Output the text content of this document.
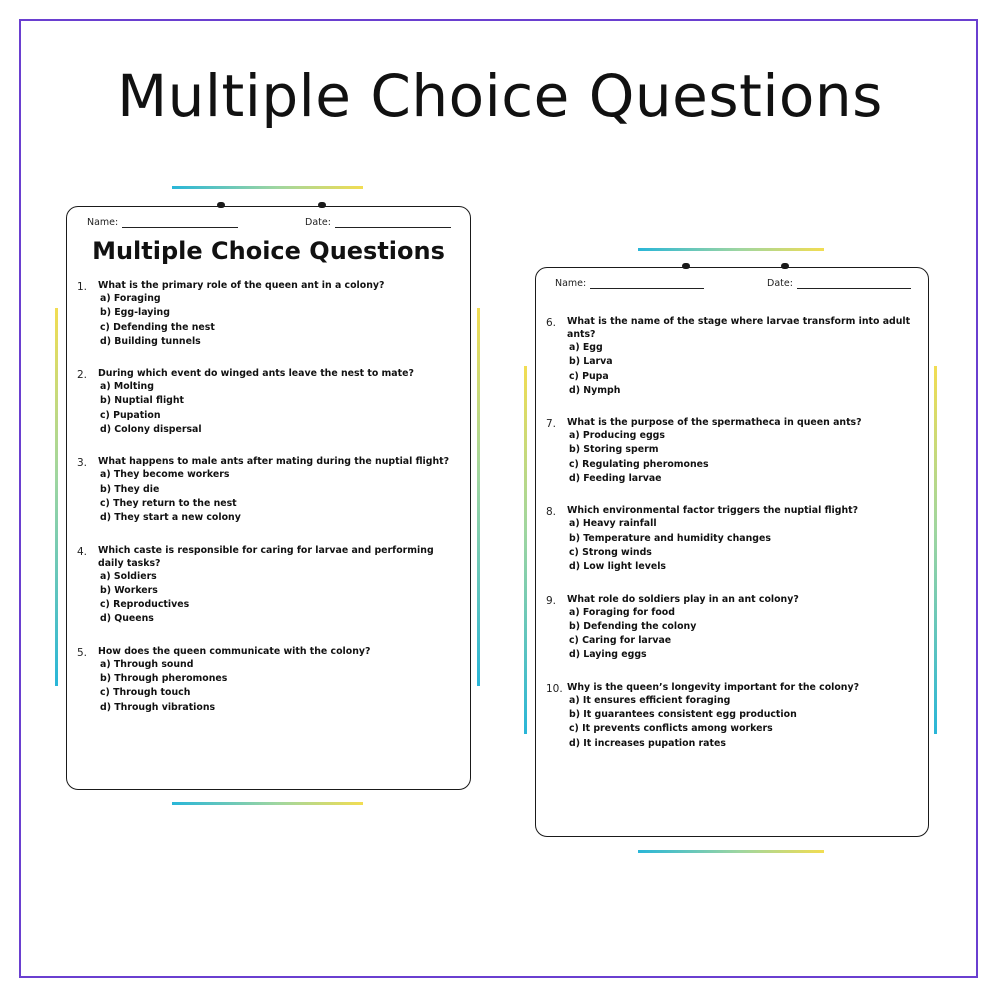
Multiple Choice Questions
Name:	Date:
Multiple Choice Questions
1. What is the primary role of the queen ant in a colony?
a) Foraging
b) Egg-laying
c) Defending the nest
d) Building tunnels
2. During which event do winged ants leave the nest to mate?
a) Molting
b) Nuptial flight
c) Pupation
d) Colony dispersal
3. What happens to male ants after mating during the nuptial flight?
a) They become workers
b) They die
c) They return to the nest
d) They start a new colony
4. Which caste is responsible for caring for larvae and performing daily tasks?
a) Soldiers
b) Workers
c) Reproductives
d) Queens
5. How does the queen communicate with the colony?
a) Through sound
b) Through pheromones
c) Through touch
d) Through vibrations
Name:	Date:
6. What is the name of the stage where larvae transform into adult ants?
a) Egg
b) Larva
c) Pupa
d) Nymph
7. What is the purpose of the spermatheca in queen ants?
a) Producing eggs
b) Storing sperm
c) Regulating pheromones
d) Feeding larvae
8. Which environmental factor triggers the nuptial flight?
a) Heavy rainfall
b) Temperature and humidity changes
c) Strong winds
d) Low light levels
9. What role do soldiers play in an ant colony?
a) Foraging for food
b) Defending the colony
c) Caring for larvae
d) Laying eggs
10. Why is the queen’s longevity important for the colony?
a) It ensures efficient foraging
b) It guarantees consistent egg production
c) It prevents conflicts among workers
d) It increases pupation rates
